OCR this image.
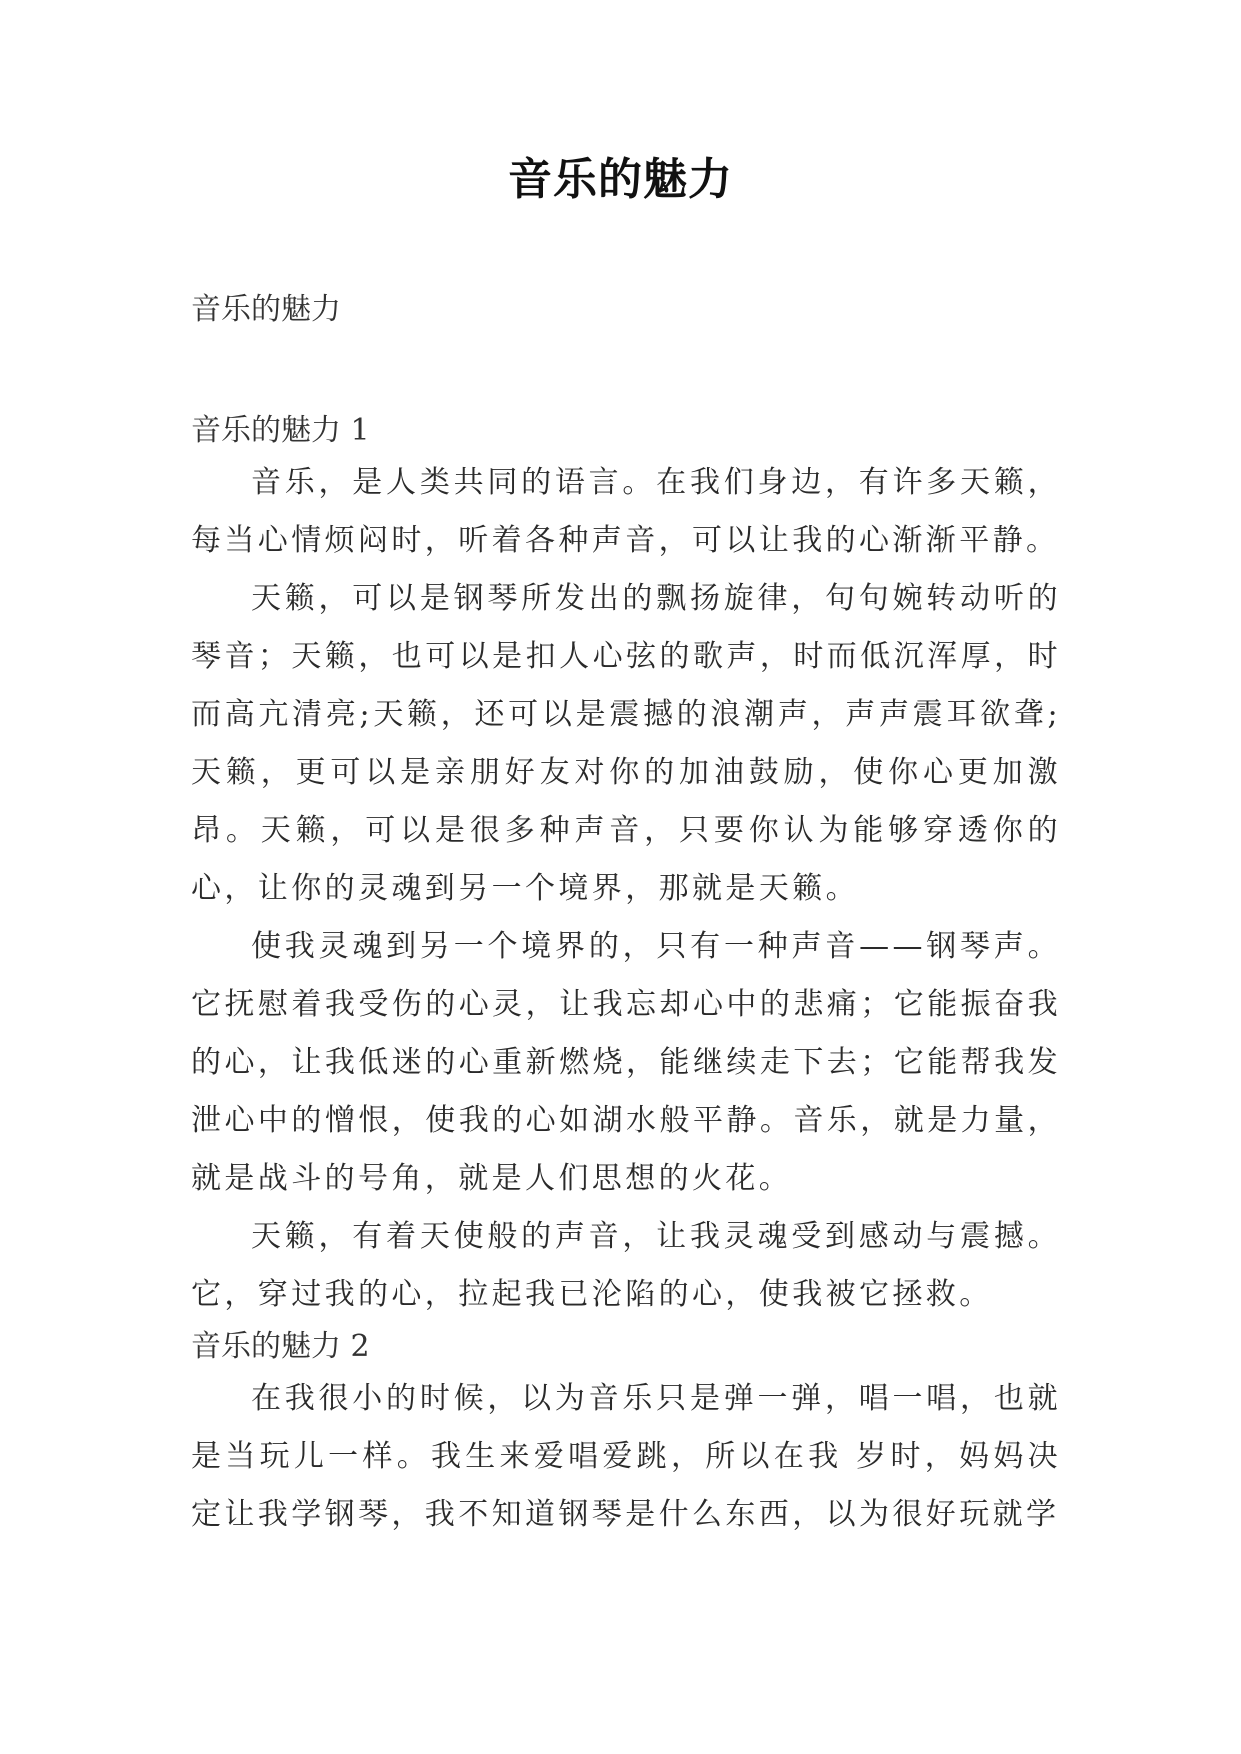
音乐的魅力
音乐的魅力

音乐的魅力 1

音乐，是人类共同的语言。在我们身边，有许多天籁，每当心情烦闷时，听着各种声音，可以让我的心渐渐平静。

天籁，可以是钢琴所发出的飘扬旋律，句句婉转动听的琴音；天籁，也可以是扣人心弦的歌声，时而低沉浑厚，时而高亢清亮;天籁，还可以是震撼的浪潮声，声声震耳欲聋;天籁，更可以是亲朋好友对你的加油鼓励，使你心更加激昂。天籁，可以是很多种声音，只要你认为能够穿透你的心，让你的灵魂到另一个境界，那就是天籁。

使我灵魂到另一个境界的，只有一种声音——钢琴声。它抚慰着我受伤的心灵，让我忘却心中的悲痛；它能振奋我的心，让我低迷的心重新燃烧，能继续走下去；它能帮我发泄心中的憎恨，使我的心如湖水般平静。音乐，就是力量，就是战斗的号角，就是人们思想的火花。

天籁，有着天使般的声音，让我灵魂受到感动与震撼。它，穿过我的心，拉起我已沦陷的心，使我被它拯救。

音乐的魅力 2

在我很小的时候，以为音乐只是弹一弹，唱一唱，也就是当玩儿一样。我生来爱唱爱跳，所以在我 岁时，妈妈决定让我学钢琴，我不知道钢琴是什么东西，以为很好玩就学
